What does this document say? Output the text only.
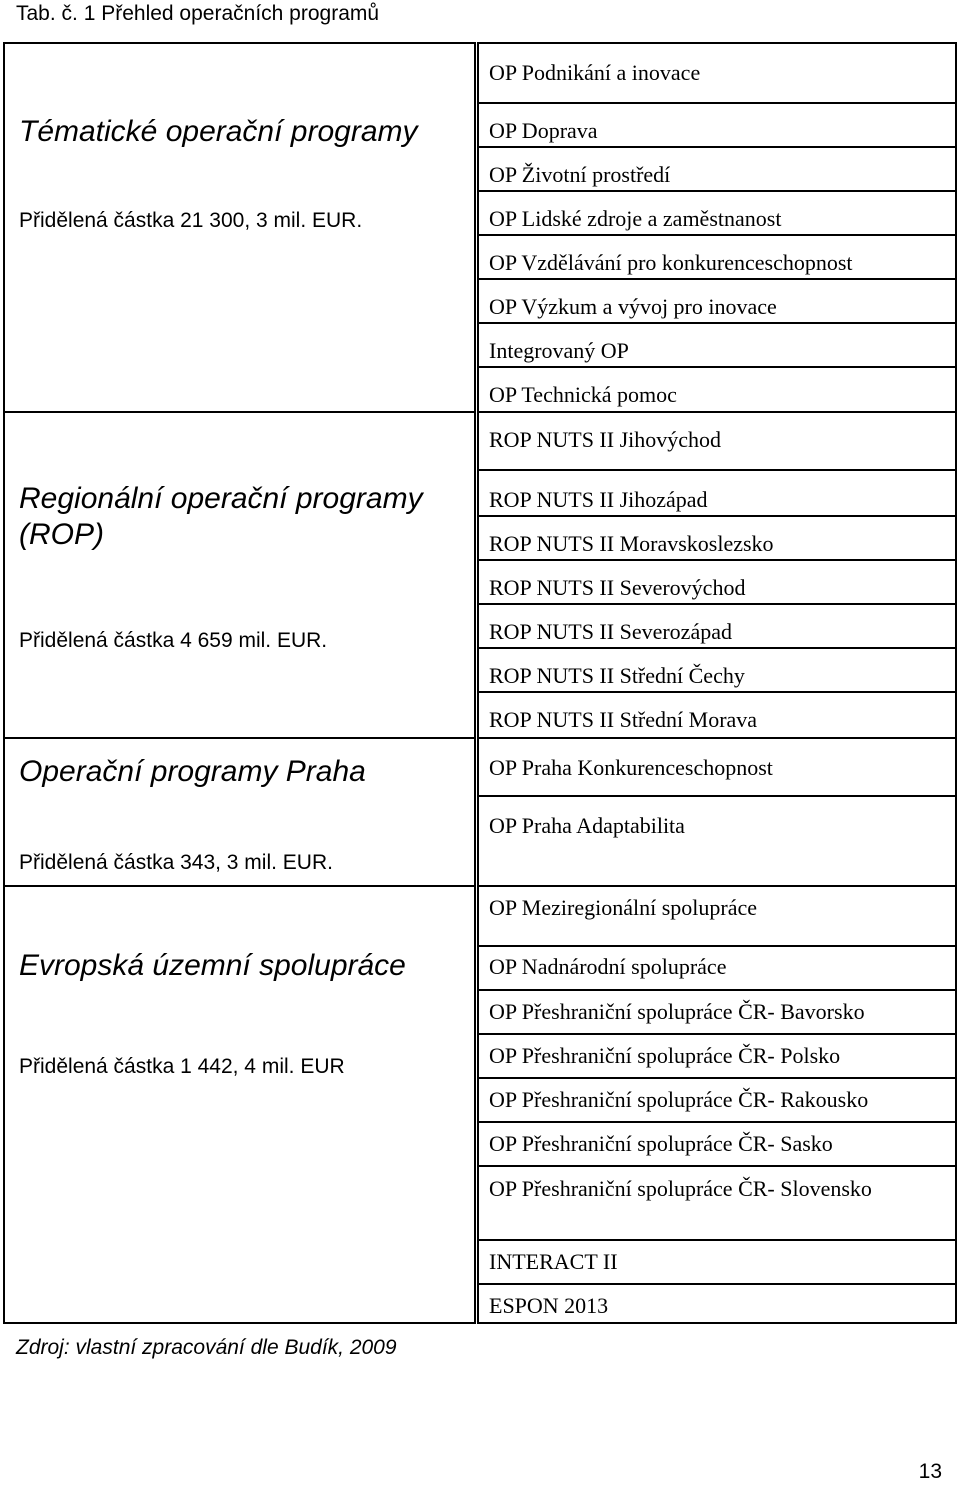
Tab. č. 1 Přehled operačních programů
Tématické operační programy
Přidělená částka 21 300, 3 mil. EUR.
Regionální operační programy (ROP)
Přidělená částka 4 659 mil. EUR.
Operační programy Praha
Přidělená částka 343, 3 mil. EUR.
Evropská územní spolupráce
Přidělená částka 1 442, 4 mil. EUR
OP Podnikání a inovace
OP Doprava
OP Životní prostředí
OP Lidské zdroje a zaměstnanost
OP Vzdělávání pro konkurenceschopnost
OP Výzkum a vývoj pro inovace
Integrovaný OP
OP Technická pomoc
ROP NUTS II Jihovýchod
ROP NUTS II Jihozápad
ROP NUTS II Moravskoslezsko
ROP NUTS II Severovýchod
ROP NUTS II Severozápad
ROP NUTS II Střední Čechy
ROP NUTS II Střední Morava
OP Praha Konkurenceschopnost
OP Praha Adaptabilita
OP Meziregionální spolupráce
OP Nadnárodní spolupráce
OP Přeshraniční spolupráce ČR- Bavorsko
OP Přeshraniční spolupráce ČR- Polsko
OP Přeshraniční spolupráce ČR- Rakousko
OP Přeshraniční spolupráce ČR- Sasko
OP Přeshraniční spolupráce ČR- Slovensko
INTERACT II
ESPON 2013
Zdroj: vlastní zpracování dle Budík, 2009
13
